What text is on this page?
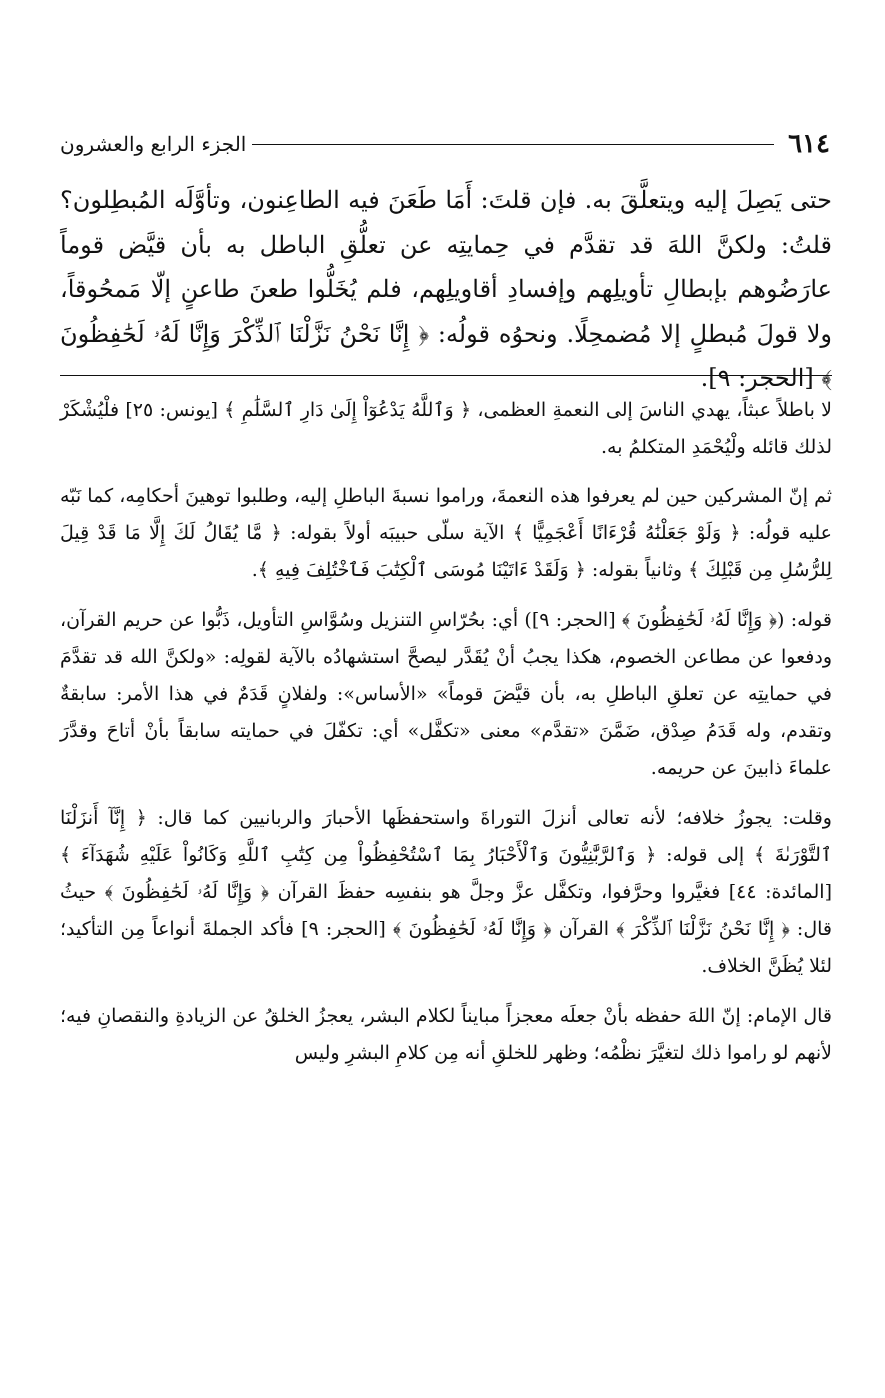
٦١٤
الجزء الرابع والعشرون

حتى يَصِلَ إليه ويتعلَّقَ به. فإن قلتَ: أَمَا طَعَنَ فيه الطاعِنون، وتأوَّلَه المُبطِلون؟ قلتُ: ولكنَّ اللهَ قد تقدَّم في حِمايتِه عن تعلُّقِ الباطل به بأن قيَّض قوماً عارَضُوهم بإبطالِ تأويلِهم وإفسادِ أقاويلِهم، فلم يُخَلُّوا طعنَ طاعنٍ إلّا مَمحُوقاً، ولا قولَ مُبطلٍ إلا مُضمحِلًا. ونحوُه قولُه: ﴿ إِنَّا نَحْنُ نَزَّلْنَا ٱلذِّكْرَ وَإِنَّا لَهُۥ لَحَٰفِظُونَ ﴾ [الحجر: ٩].

لا باطلاً عبثاً، يهدي الناسَ إلى النعمةِ العظمى، ﴿ وَٱللَّهُ يَدْعُوٓاْ إِلَىٰ دَارِ ٱلسَّلَٰمِ ﴾ [يونس: ٢٥] فلْيُشْكَرْ لذلك قائله ولْيُحْمَدِ المتكلمُ به.

ثم إنّ المشركين حين لم يعرفوا هذه النعمةَ، وراموا نسبةَ الباطلِ إليه، وطلبوا توهينَ أحكامِه، كما نَبّه عليه قولُه: ﴿ وَلَوْ جَعَلْنَٰهُ قُرْءَانًا أَعْجَمِيًّا ﴾ الآية سلّى حبيبَه أولاً بقوله: ﴿ مَّا يُقَالُ لَكَ إِلَّا مَا قَدْ قِيلَ لِلرُّسُلِ مِن قَبْلِكَ ﴾ وثانياً بقوله: ﴿ وَلَقَدْ ءَاتَيْنَا مُوسَى ٱلْكِتَٰبَ فَٱخْتُلِفَ فِيهِ ﴾.

قوله: (﴿ وَإِنَّا لَهُۥ لَحَٰفِظُونَ ﴾ [الحجر: ٩]) أي: بحُرّاسِ التنزيل وسُوَّاسِ التأويل، ذَبُّوا عن حريم القرآن، ودفعوا عن مطاعن الخصوم، هكذا يجبُ أنْ يُقَدَّر ليصحَّ استشهادُه بالآية لقولِه: «ولكنَّ الله قد تقدَّمَ في حمايتِه عن تعلقِ الباطلِ به، بأن قيَّضَ قوماً» «الأساس»: ولفلانٍ قَدَمٌ في هذا الأمر: سابقةٌ وتقدم، وله قَدَمُ صِدْق، ضَمَّنَ «تقدَّم» معنى «تكفَّل» أي: تكفّلَ في حمايته سابقاً بأنْ أتاحَ وقدَّرَ علماءَ ذابينَ عن حريمه.

وقلت: يجوزُ خلافه؛ لأنه تعالى أنزلَ التوراةَ واستحفظَها الأحبارَ والربانيين كما قال: ﴿ إِنَّآ أَنزَلْنَا ٱلتَّوْرَىٰةَ ﴾ إلى قوله: ﴿ وَٱلرَّبَّٰنِيُّونَ وَٱلْأَحْبَارُ بِمَا ٱسْتُحْفِظُواْ مِن كِتَٰبِ ٱللَّهِ وَكَانُواْ عَلَيْهِ شُهَدَآءَ ﴾ [المائدة: ٤٤] فغيَّروا وحرَّفوا، وتكفَّل عزَّ وجلَّ هو بنفسِه حفظَ القرآن ﴿ وَإِنَّا لَهُۥ لَحَٰفِظُونَ ﴾ حيثُ قال: ﴿ إِنَّا نَحْنُ نَزَّلْنَا ٱلذِّكْرَ ﴾ القرآن ﴿ وَإِنَّا لَهُۥ لَحَٰفِظُونَ ﴾ [الحجر: ٩] فأكد الجملةَ أنواعاً مِن التأكيد؛ لئلا يُظَنَّ الخلاف.

قال الإمام: إنّ اللهَ حفظه بأنْ جعلَه معجزاً مبايناً لكلام البشر، يعجزُ الخلقُ عن الزيادةِ والنقصانِ فيه؛ لأنهم لو راموا ذلك لتغيَّرَ نظْمُه؛ وظهر للخلقِ أنه مِن كلامِ البشرِ وليس
